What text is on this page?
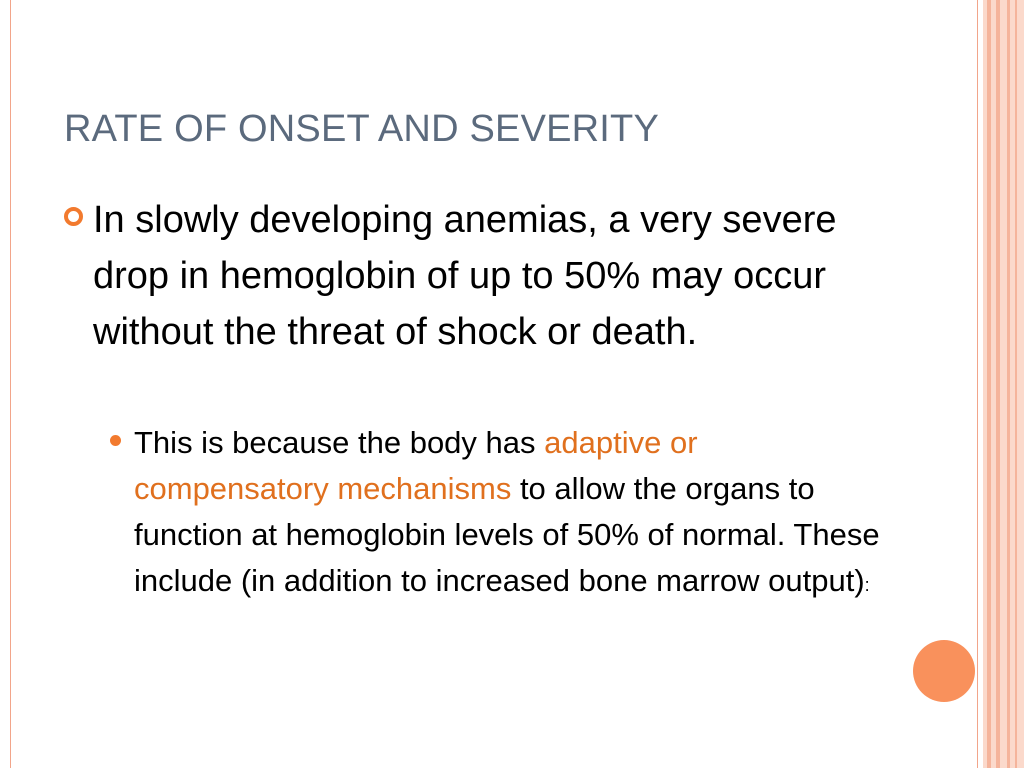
RATE OF ONSET AND SEVERITY
In slowly developing anemias, a very severe drop in hemoglobin of up to 50% may occur without the threat of shock or death.
This is because the body has adaptive or compensatory mechanisms to allow the organs to function at hemoglobin levels of 50% of normal. These include (in addition to increased bone marrow output):
